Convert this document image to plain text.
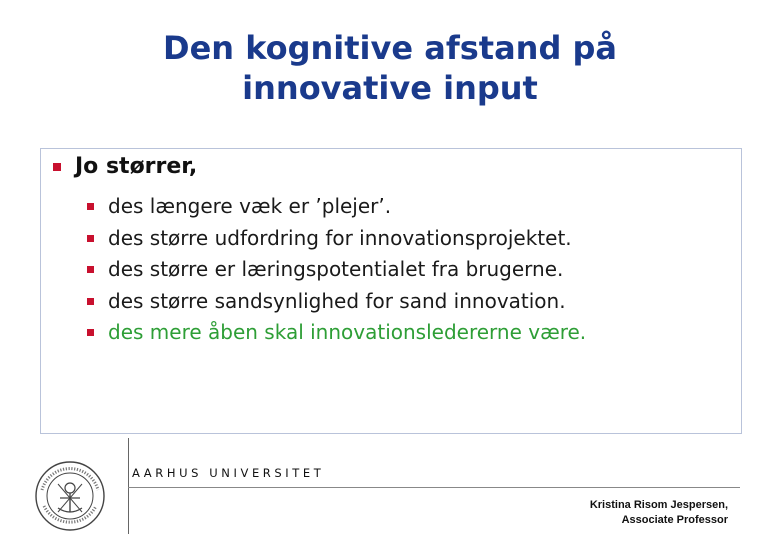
Den kognitive afstand på
innovative input
Jo størrer,
des længere væk er ’plejer’.
des større udfordring for innovationsprojektet.
des større er læringspotentialet fra brugerne.
des større sandsynlighed for sand innovation.
des mere åben skal innovationsledererne være.
AARHUS UNIVERSITET
Kristina Risom Jespersen,
Associate Professor
